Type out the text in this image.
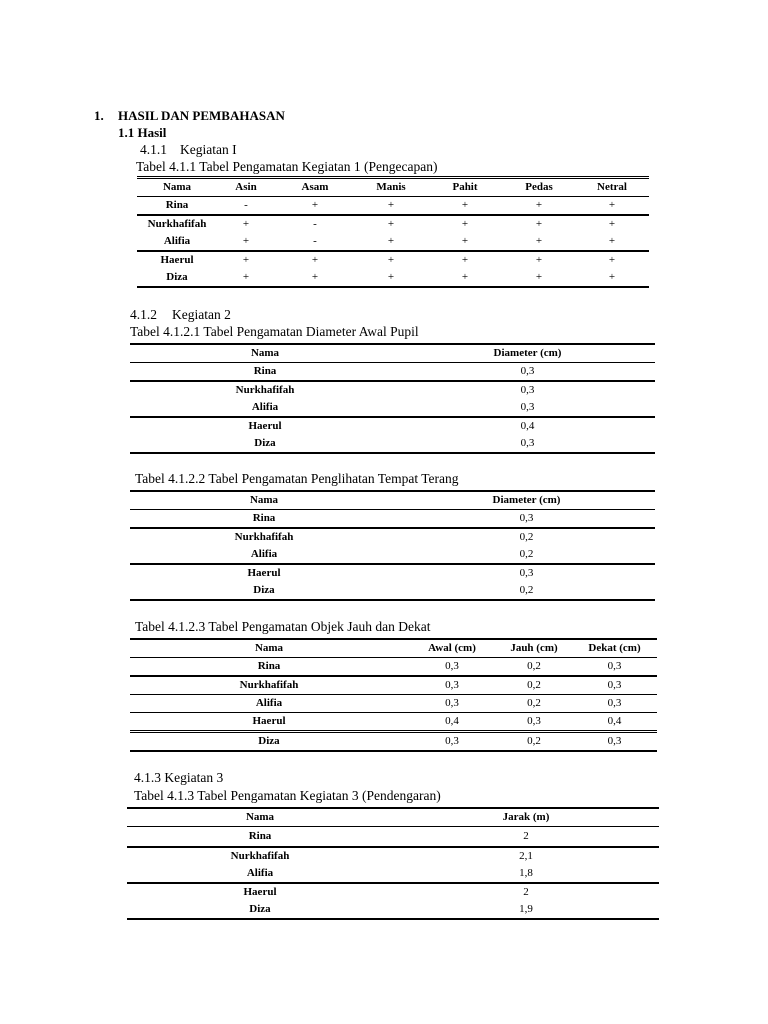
1. HASIL DAN PEMBAHASAN
1.1 Hasil
4.1.1 Kegiatan I
Tabel 4.1.1 Tabel Pengamatan Kegiatan 1 (Pengecapan)
Nama	Asin	Asam	Manis	Pahit	Pedas	Netral
Rina	-	+	+	+	+	+
Nurkhafifah	+	-	+	+	+	+
Alifia	+	-	+	+	+	+
Haerul	+	+	+	+	+	+
Diza	+	+	+	+	+	+
4.1.2 Kegiatan 2
Tabel 4.1.2.1 Tabel Pengamatan Diameter Awal Pupil
Nama	Diameter (cm)
Rina	0,3
Nurkhafifah	0,3
Alifia	0,3
Haerul	0,4
Diza	0,3
Tabel 4.1.2.2 Tabel Pengamatan Penglihatan Tempat Terang
Nama	Diameter (cm)
Rina	0,3
Nurkhafifah	0,2
Alifia	0,2
Haerul	0,3
Diza	0,2
Tabel 4.1.2.3 Tabel Pengamatan Objek Jauh dan Dekat
Nama	Awal (cm)	Jauh (cm)	Dekat (cm)
Rina	0,3	0,2	0,3
Nurkhafifah	0,3	0,2	0,3
Alifia	0,3	0,2	0,3
Haerul	0,4	0,3	0,4
Diza	0,3	0,2	0,3
4.1.3 Kegiatan 3
Tabel 4.1.3 Tabel Pengamatan Kegiatan 3 (Pendengaran)
Nama	Jarak (m)
Rina	2
Nurkhafifah	2,1
Alifia	1,8
Haerul	2
Diza	1,9
